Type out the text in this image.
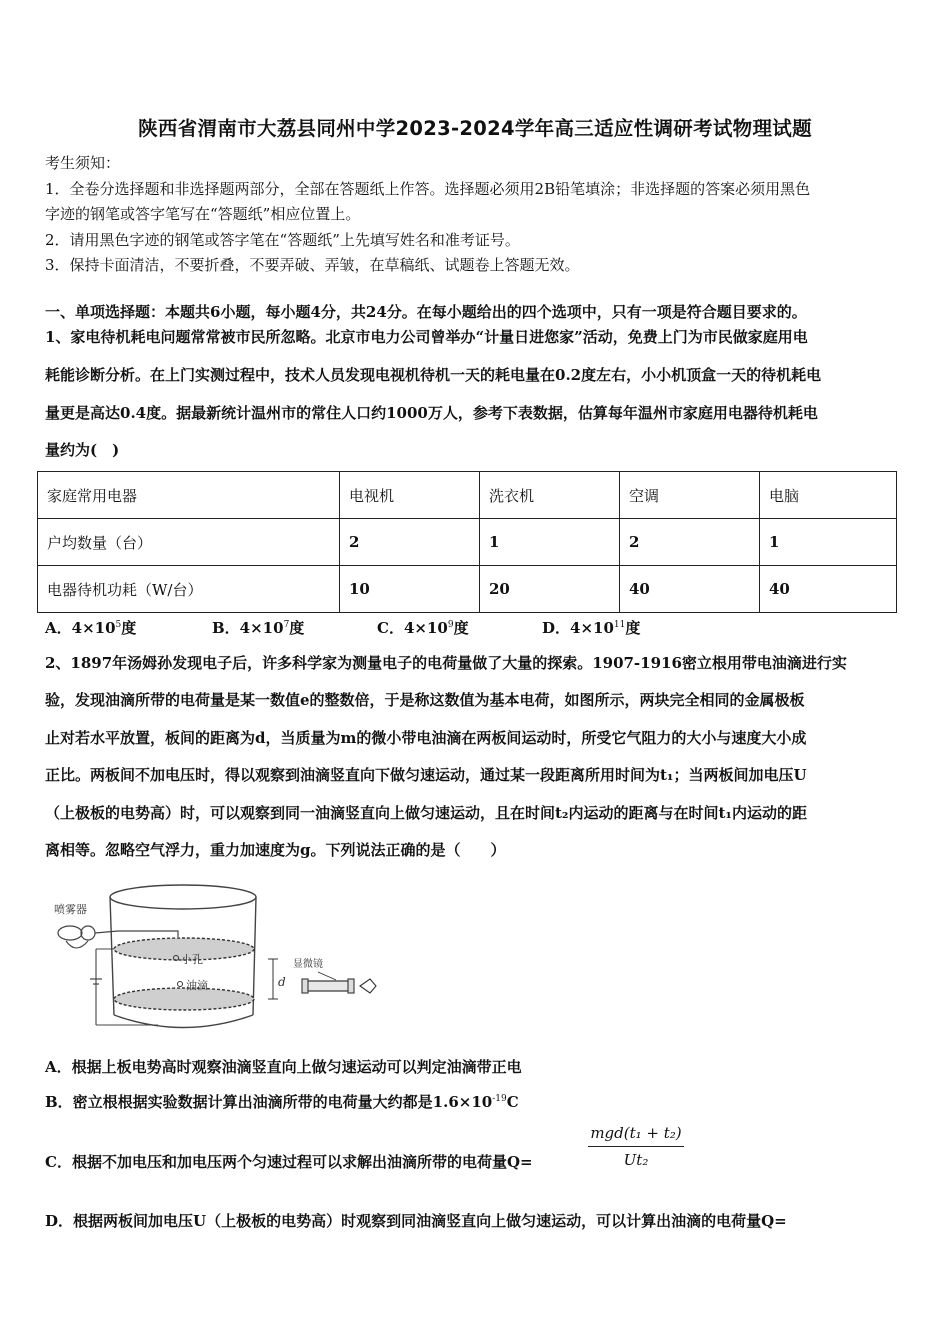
陕西省渭南市大荔县同州中学2023-2024学年高三适应性调研考试物理试题
考生须知：
1．全卷分选择题和非选择题两部分，全部在答题纸上作答。选择题必须用2B铅笔填涂；非选择题的答案必须用黑色
字迹的钢笔或答字笔写在“答题纸”相应位置上。
2．请用黑色字迹的钢笔或答字笔在“答题纸”上先填写姓名和准考证号。
3．保持卡面清洁，不要折叠，不要弄破、弄皱，在草稿纸、试题卷上答题无效。
一、单项选择题：本题共6小题，每小题4分，共24分。在每小题给出的四个选项中，只有一项是符合题目要求的。
1、家电待机耗电问题常常被市民所忽略。北京市电力公司曾举办“计量日进您家”活动，免费上门为市民做家庭用电
耗能诊断分析。在上门实测过程中，技术人员发现电视机待机一天的耗电量在0.2度左右，小小机顶盒一天的待机耗电
量更是高达0.4度。据最新统计温州市的常住人口约1000万人，参考下表数据，估算每年温州市家庭用电器待机耗电
量约为(　)
家庭常用电器	电视机	洗衣机	空调	电脑
户均数量（台）	2	1	2	1
电器待机功耗（W/台）	10	20	40	40
A．$4\times 10^5$度	B．$4\times 10^7$度	C．$4\times 10^9$度	D．$4\times 10^{11}$度
2、1897年汤姆孙发现电子后，许多科学家为测量电子的电荷量做了大量的探索。1907-1916密立根用带电油滴进行实
验，发现油滴所带的电荷量是某一数值e的整数倍，于是称这数值为基本电荷，如图所示，两块完全相同的金属极板
止对若水平放置，板间的距离为d，当质量为m的微小带电油滴在两板间运动时，所受它气阻力的大小与速度大小成
正比。两板间不加电压时，得以观察到油滴竖直向下做匀速运动，通过某一段距离所用时间为t₁；当两板间加电压U
（上极板的电势高）时，可以观察到同一油滴竖直向上做匀速运动，且在时间t₂内运动的距离与在时间t₁内运动的距
离相等。忽略空气浮力，重力加速度为g。下列说法正确的是（　　）
喷雾器
小孔
油滴	d
显微镜
A．根据上板电势高时观察油滴竖直向上做匀速运动可以判定油滴带正电
B．密立根根据实验数据计算出油滴所带的电荷量大约都是$1.6\times 10^{-19}C$
C．根据不加电压和加电压两个匀速过程可以求解出油滴所带的电荷量Q=
mgd(t₁ + t₂)
Ut₂
D．根据两板间加电压U（上极板的电势高）时观察到同油滴竖直向上做匀速运动，可以计算出油滴的电荷量Q=
